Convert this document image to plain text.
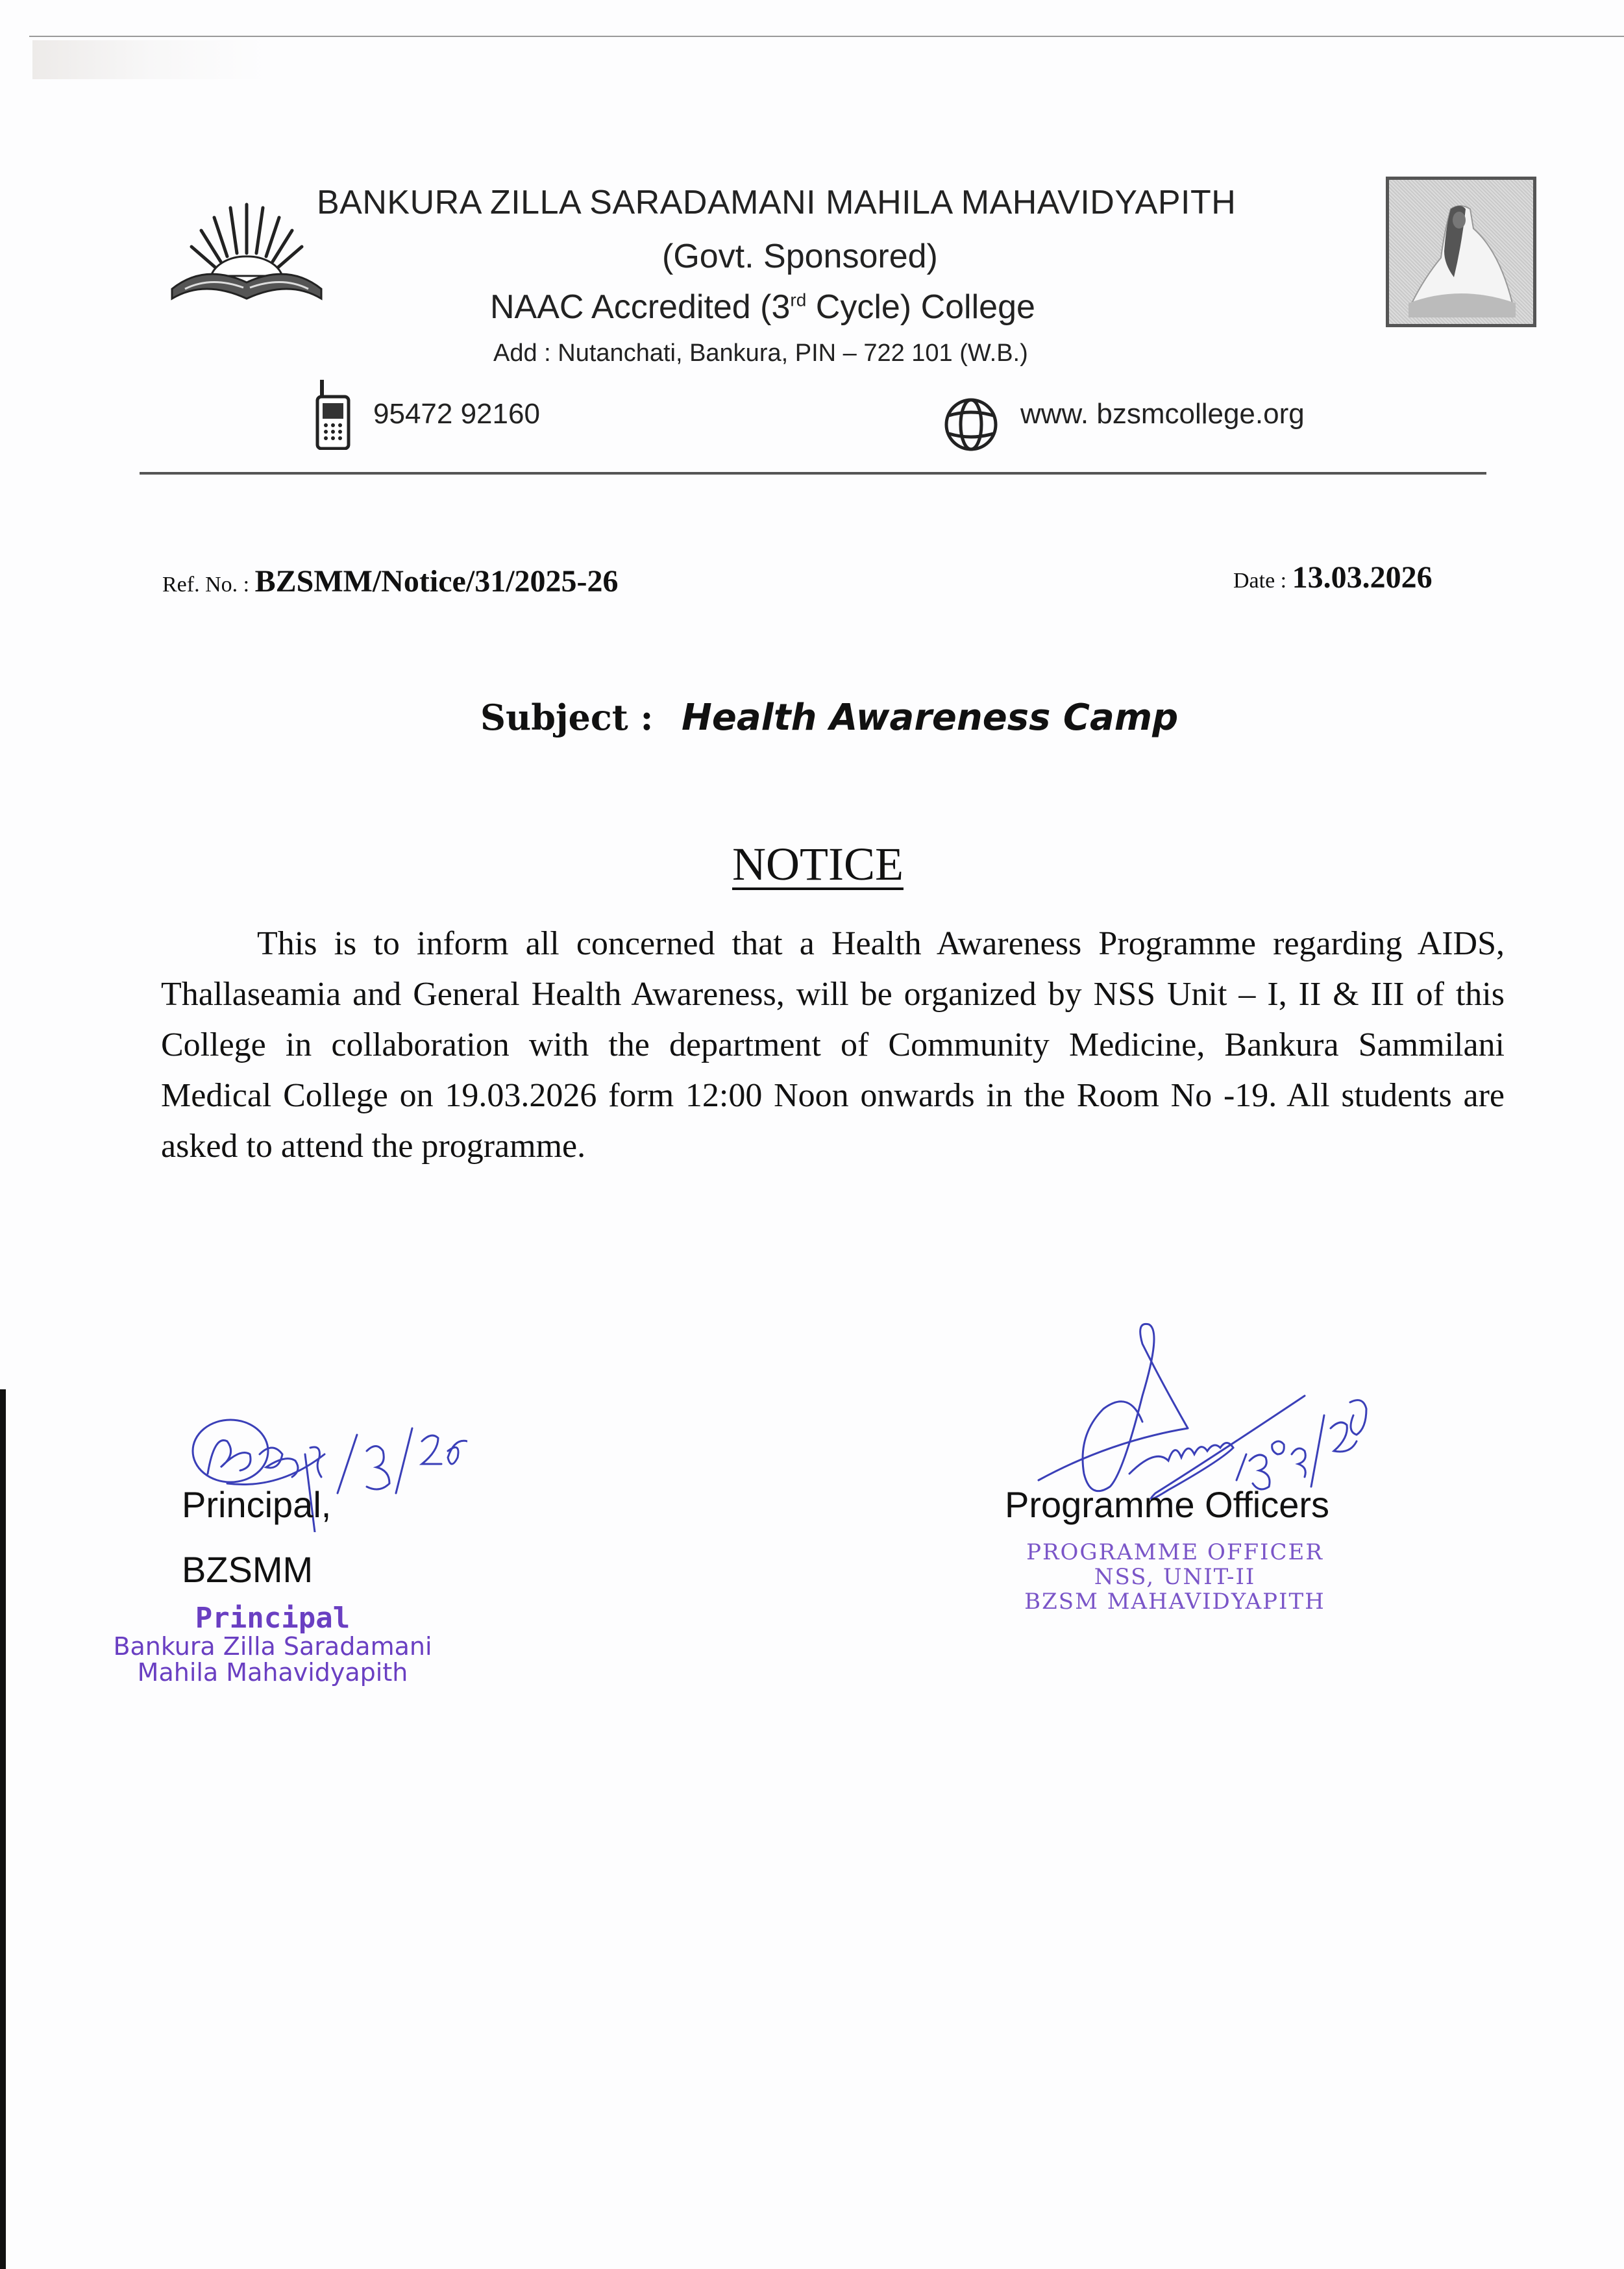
BANKURA ZILLA SARADAMANI MAHILA MAHAVIDYAPITH
(Govt. Sponsored)
NAAC Accredited (3rd Cycle) College
Add : Nutanchati, Bankura, PIN – 722 101 (W.B.)
95472 92160	www. bzsmcollege.org
Ref. No. : BZSMM/Notice/31/2025-26	Date : 13.03.2026
Subject : Health Awareness Camp
NOTICE
This is to inform all concerned that a Health Awareness Programme regarding AIDS, Thallaseamia and General Health Awareness, will be organized by NSS Unit – I, II & III of this College in collaboration with the department of Community Medicine, Bankura Sammilani Medical College on 19.03.2026 form 12:00 Noon onwards in the Room No -19. All students are asked to attend the programme.
Principal,
BZSMM
Principal
Bankura Zilla Saradamani
Mahila Mahavidyapith
Programme Officers
PROGRAMME OFFICER
NSS, UNIT-II
BZSM MAHAVIDYAPITH
